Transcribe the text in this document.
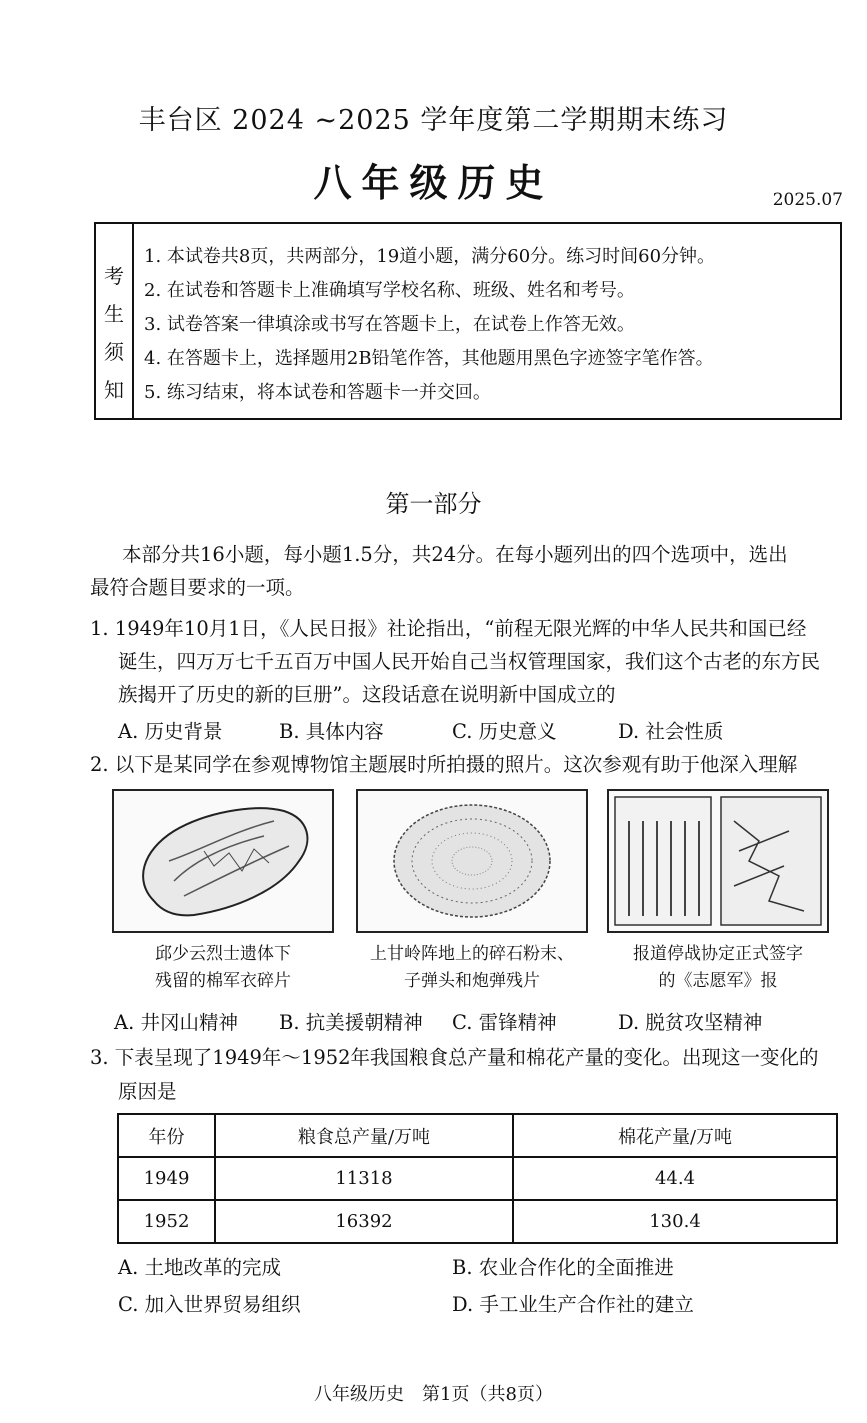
丰台区 2024 ~2025 学年度第二学期期末练习
八年级历史	2025.07
考
生
须
知
1. 本试卷共8页，共两部分，19道小题，满分60分。练习时间60分钟。
2. 在试卷和答题卡上准确填写学校名称、班级、姓名和考号。
3. 试卷答案一律填涂或书写在答题卡上，在试卷上作答无效。
4. 在答题卡上，选择题用2B铅笔作答，其他题用黑色字迹签字笔作答。
5. 练习结束，将本试卷和答题卡一并交回。
第一部分
本部分共16小题，每小题1.5分，共24分。在每小题列出的四个选项中，选出
最符合题目要求的一项。
1. 1949年10月1日，《人民日报》社论指出，“前程无限光辉的中华人民共和国已经
诞生，四万万七千五百万中国人民开始自己当权管理国家，我们这个古老的东方民
族揭开了历史的新的巨册”。这段话意在说明新中国成立的
A. 历史背景	B. 具体内容	C. 历史意义	D. 社会性质
2. 以下是某同学在参观博物馆主题展时所拍摄的照片。这次参观有助于他深入理解
邱少云烈士遗体下
残留的棉军衣碎片
上甘岭阵地上的碎石粉末、
子弹头和炮弹残片
报道停战协定正式签字
的《志愿军》报
A. 井冈山精神 B. 抗美援朝精神 C. 雷锋精神	D. 脱贫攻坚精神
3. 下表呈现了1949年～1952年我国粮食总产量和棉花产量的变化。出现这一变化的
原因是
年份	粮食总产量/万吨	棉花产量/万吨
1949	11318	44.4
1952	16392	130.4
A. 土地改革的完成	B. 农业合作化的全面推进
C. 加入世界贸易组织	D. 手工业生产合作社的建立
八年级历史　第1页（共8页）
